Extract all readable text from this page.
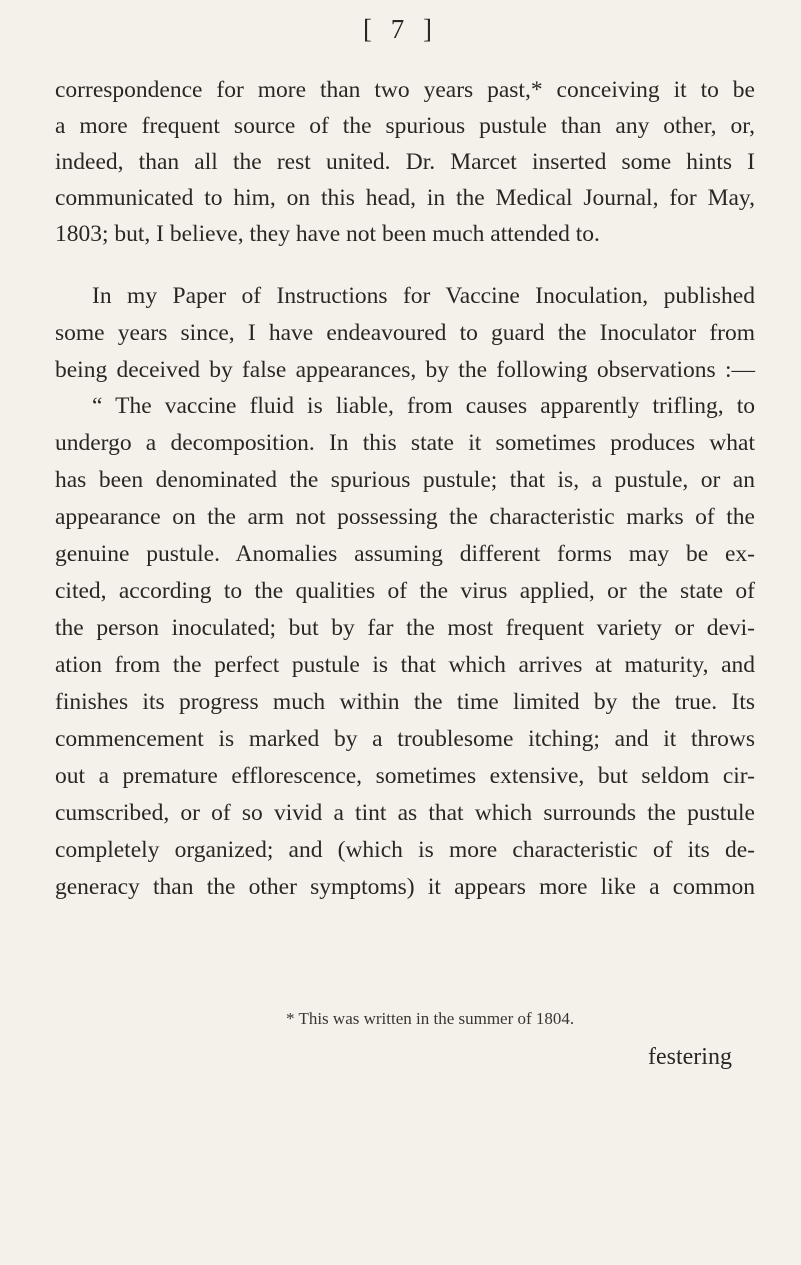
[ 7 ]
correspondence for more than two years past,* conceiving it to be
a more frequent source of the spurious pustule than any other, or,
indeed, than all the rest united. Dr. Marcet inserted some hints I
communicated to him, on this head, in the Medical Journal, for May,
1803; but, I believe, they have not been much attended to.
In my Paper of Instructions for Vaccine Inoculation, published
some years since, I have endeavoured to guard the Inoculator from
being deceived by false appearances, by the following observations :—
“ The vaccine fluid is liable, from causes apparently trifling, to
undergo a decomposition. In this state it sometimes produces what
has been denominated the spurious pustule; that is, a pustule, or an
appearance on the arm not possessing the characteristic marks of the
genuine pustule. Anomalies assuming different forms may be ex-
cited, according to the qualities of the virus applied, or the state of
the person inoculated; but by far the most frequent variety or devi-
ation from the perfect pustule is that which arrives at maturity, and
finishes its progress much within the time limited by the true. Its
commencement is marked by a troublesome itching; and it throws
out a premature efflorescence, sometimes extensive, but seldom cir-
cumscribed, or of so vivid a tint as that which surrounds the pustule
completely organized; and (which is more characteristic of its de-
generacy than the other symptoms) it appears more like a common
* This was written in the summer of 1804.
festering
